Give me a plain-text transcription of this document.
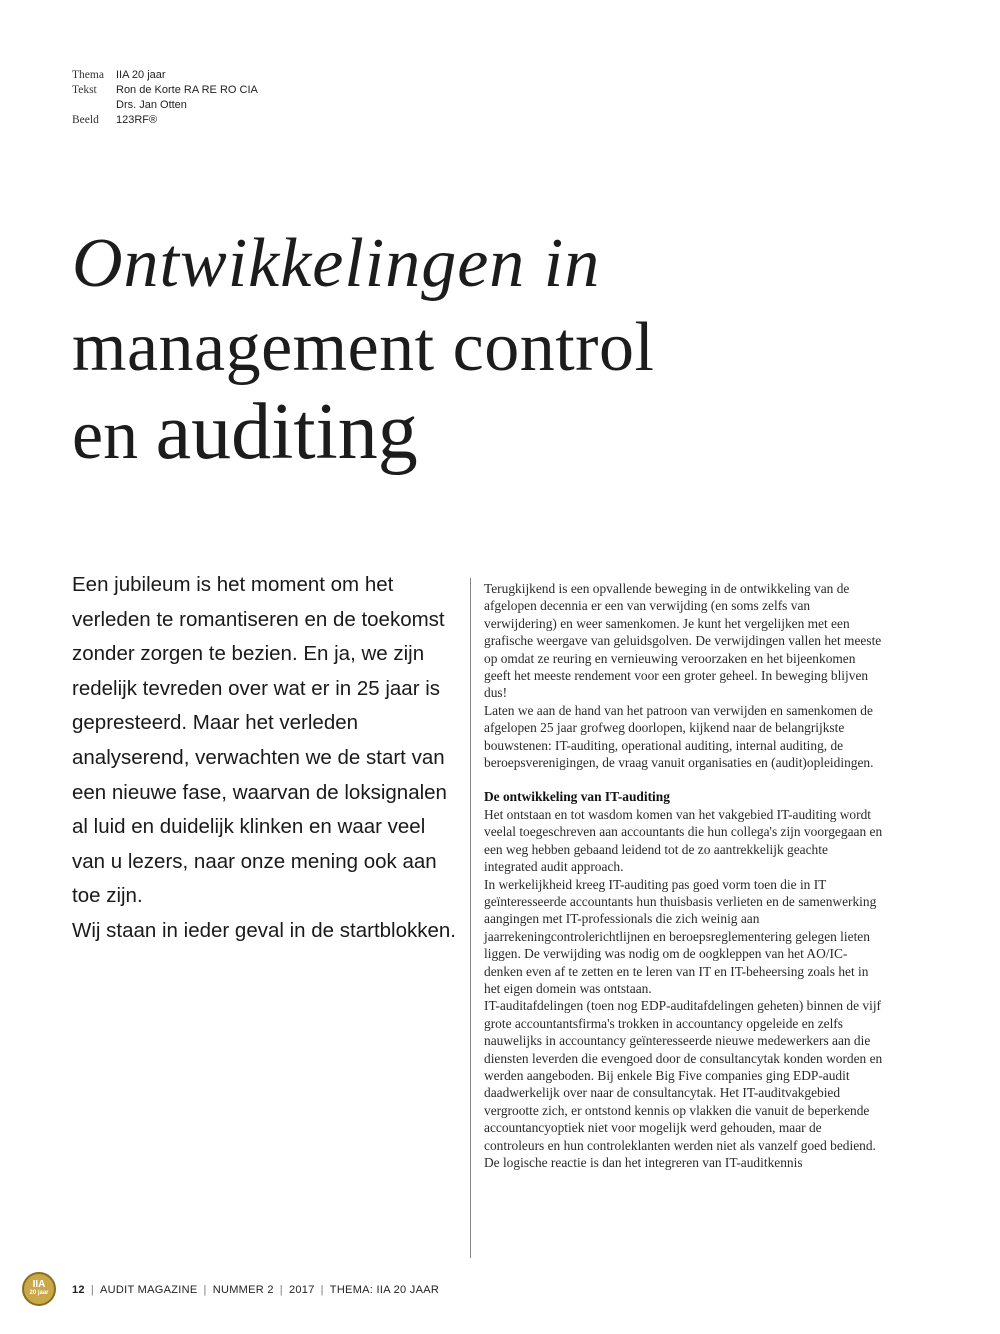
Thema	IIA 20 jaar
Tekst	Ron de Korte RA RE RO CIA
Drs. Jan Otten
Beeld	123RF®
Ontwikkelingen in
management control
en auditing

Een jubileum is het moment om het verleden te romantiseren en de toekomst zonder zorgen te bezien. En ja, we zijn redelijk tevreden over wat er in 25 jaar is gepresteerd. Maar het verleden analyserend, verwachten we de start van een nieuwe fase, waarvan de loksignalen al luid en duidelijk klinken en waar veel van u lezers, naar onze mening ook aan toe zijn.

Wij staan in ieder geval in de startblokken.

Terugkijkend is een opvallende beweging in de ontwikkeling van de afgelopen decennia er een van verwijding (en soms zelfs van verwijdering) en weer samenkomen. Je kunt het vergelijken met een grafische weergave van geluidsgolven. De verwijdingen vallen het meeste op omdat ze reuring en vernieuwing veroorzaken en het bijeenkomen geeft het meeste rendement voor een groter geheel. In beweging blijven dus!

Laten we aan de hand van het patroon van verwijden en samenkomen de afgelopen 25 jaar grofweg doorlopen, kijkend naar de belangrijkste bouwstenen: IT-auditing, operational auditing, internal auditing, de beroepsverenigingen, de vraag vanuit organisaties en (audit)opleidingen.

De ontwikkeling van IT-auditing

Het ontstaan en tot wasdom komen van het vakgebied IT-auditing wordt veelal toegeschreven aan accountants die hun collega's zijn voorgegaan en een weg hebben gebaand leidend tot de zo aantrekkelijk geachte integrated audit approach.

In werkelijkheid kreeg IT-auditing pas goed vorm toen die in IT geïnteresseerde accountants hun thuisbasis verlieten en de samenwerking aangingen met IT-professionals die zich weinig aan jaarrekeningcontrolerichtlijnen en beroepsreglementering gelegen lieten liggen. De verwijding was nodig om de oogkleppen van het AO/IC-denken even af te zetten en te leren van IT en IT-beheersing zoals het in het eigen domein was ontstaan.

IT-auditafdelingen (toen nog EDP-auditafdelingen geheten) binnen de vijf grote accountantsfirma's trokken in accountancy opgeleide en zelfs nauwelijks in accountancy geïnteresseerde nieuwe medewerkers aan die diensten leverden die evengoed door de consultancytak konden worden en werden aangeboden. Bij enkele Big Five companies ging EDP-audit daadwerkelijk over naar de consultancytak. Het IT-auditvakgebied vergrootte zich, er ontstond kennis op vlakken die vanuit de beperkende accountancyoptiek niet voor mogelijk werd gehouden, maar de controleurs en hun controleklanten werden niet als vanzelf goed bediend.

De logische reactie is dan het integreren van IT-auditkennis

IIA
20 jaar 12 | AUDIT MAGAZINE | NUMMER 2 | 2017 | THEMA: IIA 20 JAAR
